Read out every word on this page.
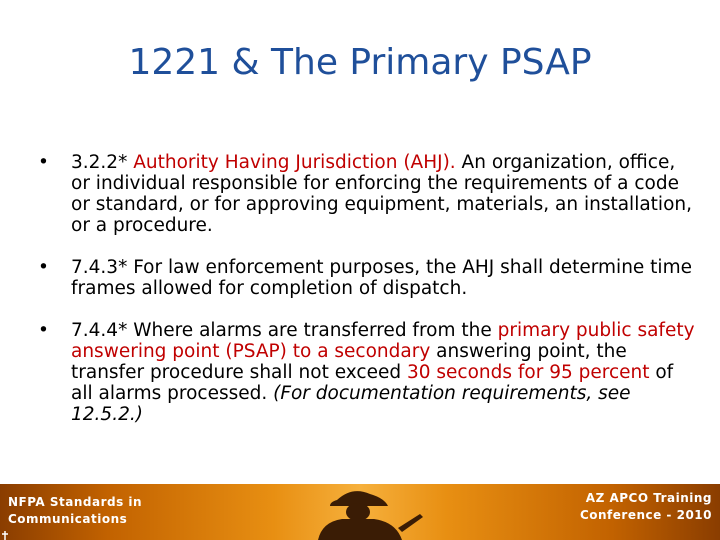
1221 & The Primary PSAP
• 3.2.2* Authority Having Jurisdiction (AHJ). An organization, office, or individual responsible for enforcing the requirements of a code or standard, or for approving equipment, materials, an installation, or a procedure.
• 7.4.3* For law enforcement purposes, the AHJ shall determine time frames allowed for completion of dispatch.
• 7.4.4* Where alarms are transferred from the primary public safety answering point (PSAP) to a secondary answering point, the transfer procedure shall not exceed 30 seconds for 95 percent of all alarms processed. (For documentation requirements, see 12.5.2.)
NFPA Standards in
Communications
AZ APCO Training
Conference - 2010
